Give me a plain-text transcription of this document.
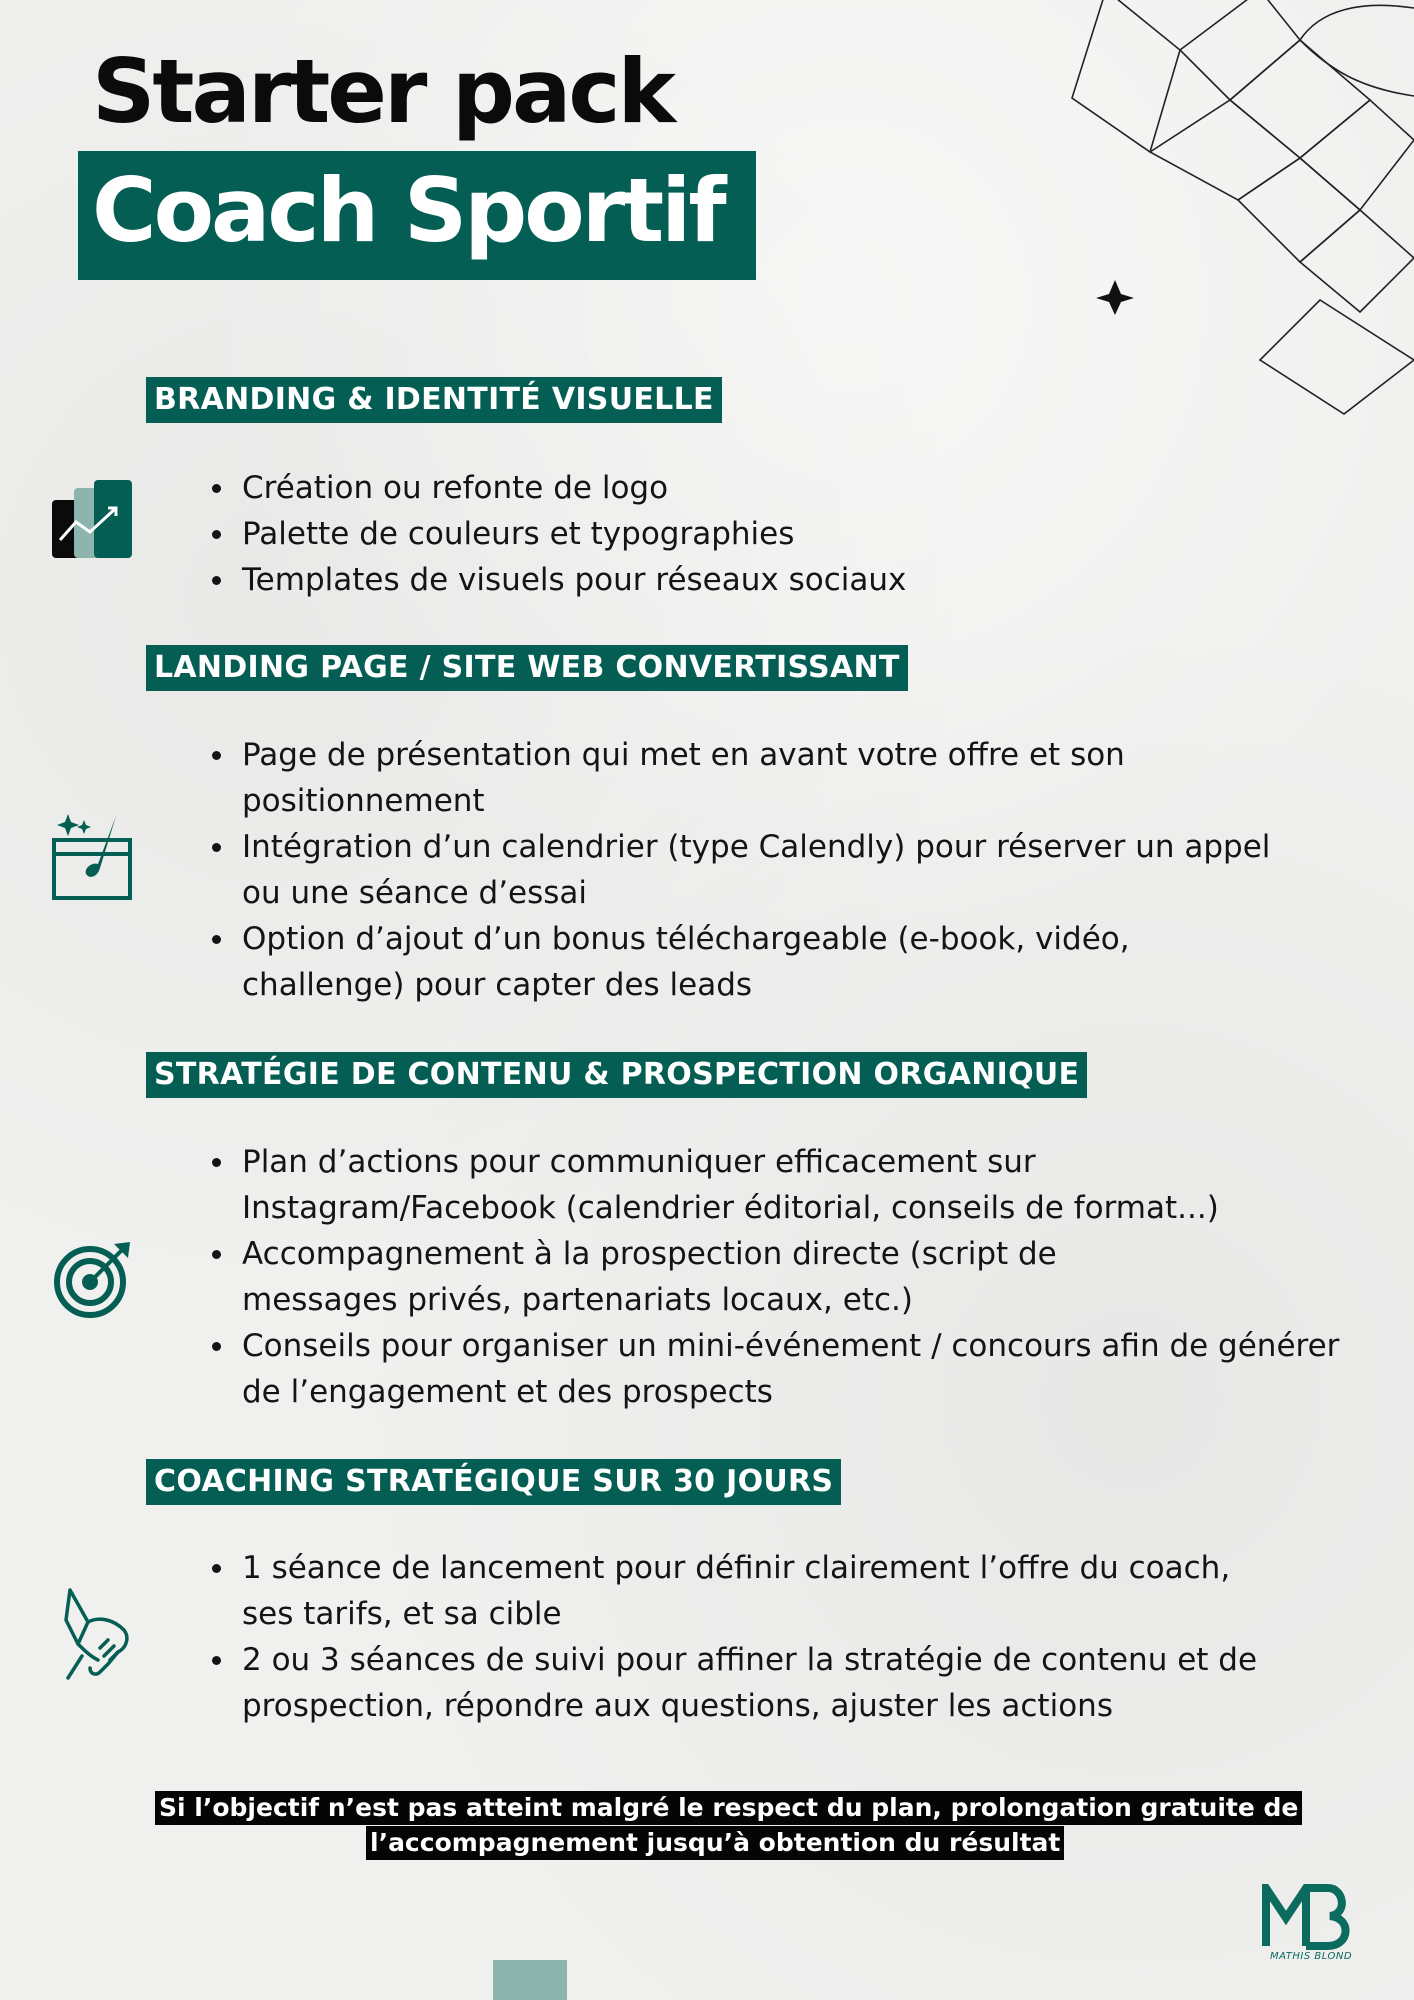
Starter pack
Coach Sportif
BRANDING & IDENTITÉ VISUELLE
Création ou refonte de logo
Palette de couleurs et typographies
Templates de visuels pour réseaux sociaux
LANDING PAGE / SITE WEB CONVERTISSANT
Page de présentation qui met en avant votre offre et son positionnement
Intégration d’un calendrier (type Calendly) pour réserver un appel ou une séance d’essai
Option d’ajout d’un bonus téléchargeable (e-book, vidéo, challenge) pour capter des leads
STRATÉGIE DE CONTENU & PROSPECTION ORGANIQUE
Plan d’actions pour communiquer efficacement sur Instagram/Facebook (calendrier éditorial, conseils de format...)
Accompagnement à la prospection directe (script de messages privés, partenariats locaux, etc.)
Conseils pour organiser un mini-événement / concours afin de générer de l’engagement et des prospects
COACHING STRATÉGIQUE SUR 30 JOURS
1 séance de lancement pour définir clairement l’offre du coach, ses tarifs, et sa cible
2 ou 3 séances de suivi pour affiner la stratégie de contenu et de prospection, répondre aux questions, ajuster les actions
Si l’objectif n’est pas atteint malgré le respect du plan, prolongation gratuite de
l’accompagnement jusqu’à obtention du résultat
MATHIS BLOND
